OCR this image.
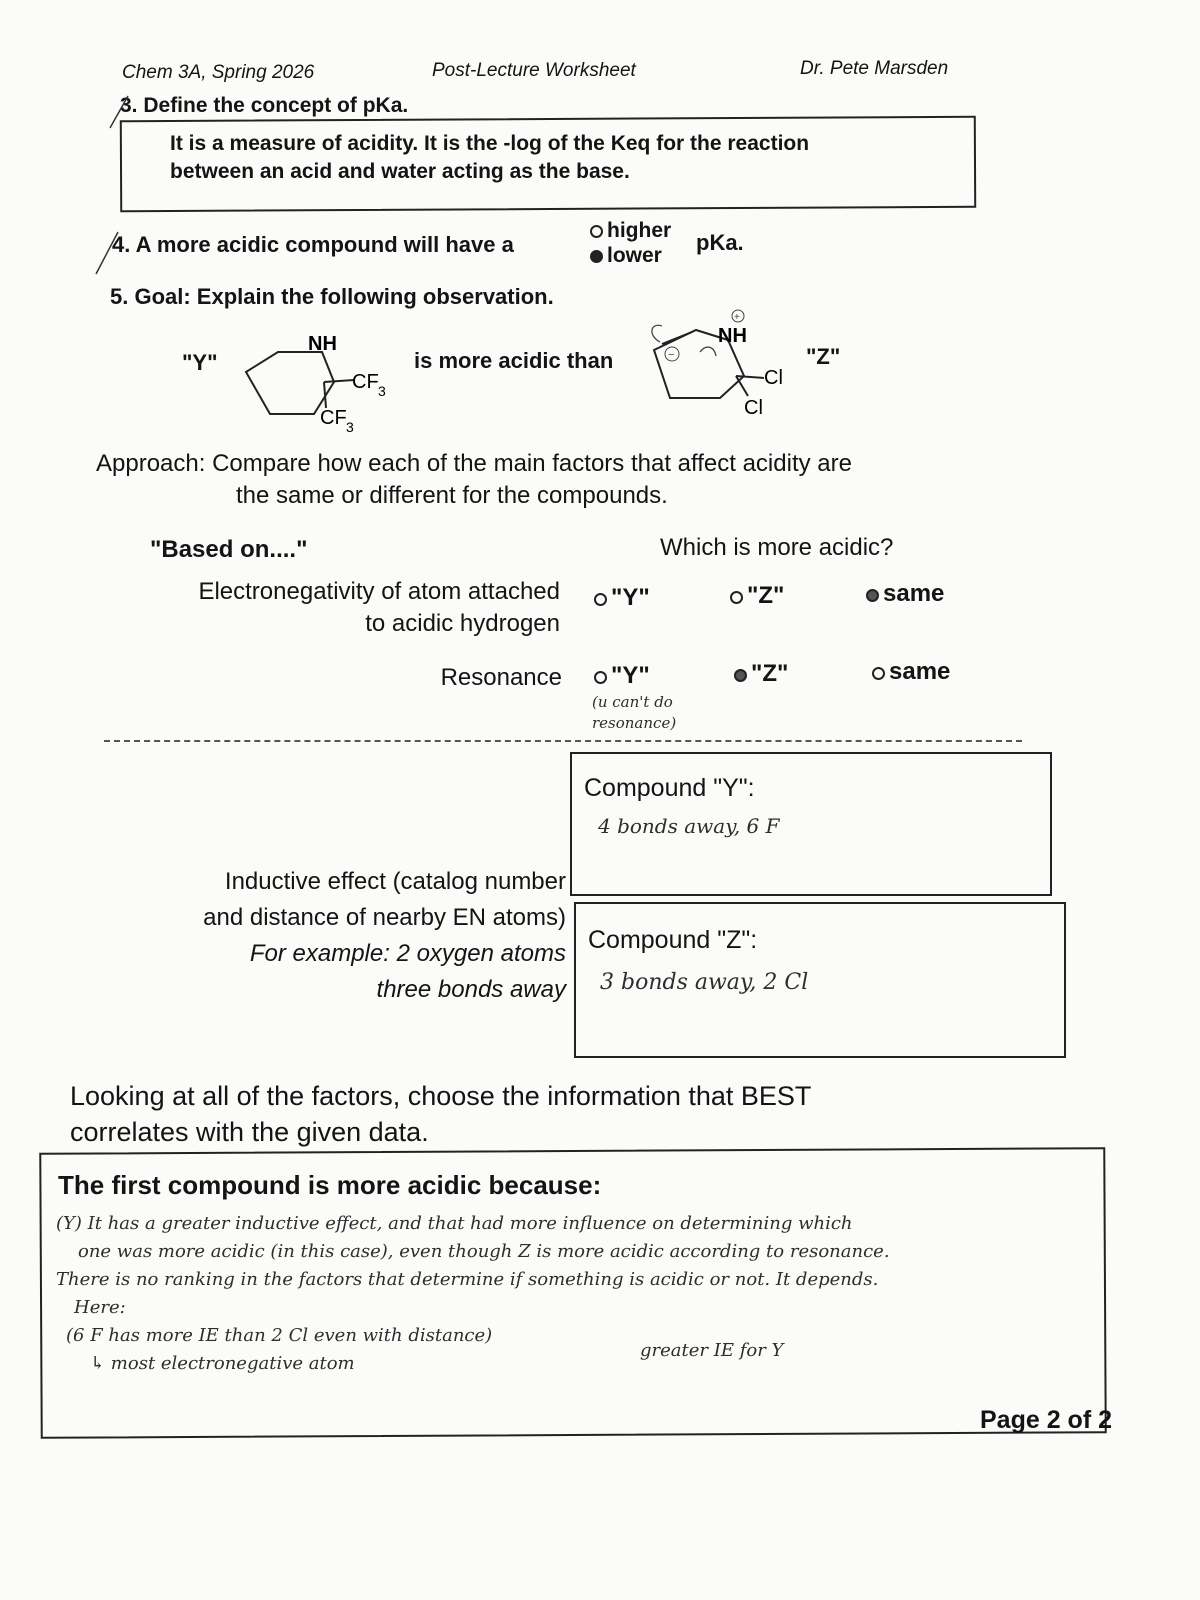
Chem 3A, Spring 2026	Post-Lecture Worksheet	Dr. Pete Marsden
3. Define the concept of pKa.
It is a measure of acidity. It is the -log of the Keq for the reaction
between an acid and water acting as the base.
4. A more acidic compound will have a
higher
lower
pKa.
5. Goal: Explain the following observation.
"Y"
NH
CF 3
CF 3
is more acidic than
NH
Cl
Cl
−
+
"Z"
Approach: Compare how each of the main factors that affect acidity are
the same or different for the compounds.
"Based on...."	Which is more acidic?
Electronegativity of atom attached
to acidic hydrogen
"Y"	"Z"	same
Resonance	"Y"	"Z"	same
(u can't do
resonance)
Compound "Y":
4 bonds away, 6 F
Compound "Z":
3 bonds away, 2 Cl
Inductive effect (catalog number
and distance of nearby EN atoms)
For example: 2 oxygen atoms
three bonds away
Looking at all of the factors, choose the information that BEST
correlates with the given data.
The first compound is more acidic because:
(Y) It has a greater inductive effect, and that had more influence on determining which
one was more acidic (in this case), even though Z is more acidic according to resonance.
There is no ranking in the factors that determine if something is acidic or not. It depends.
Here:
(6 F has more IE than 2 Cl even with distance)
↳ most electronegative atom
greater IE for Y
Page 2 of 2
